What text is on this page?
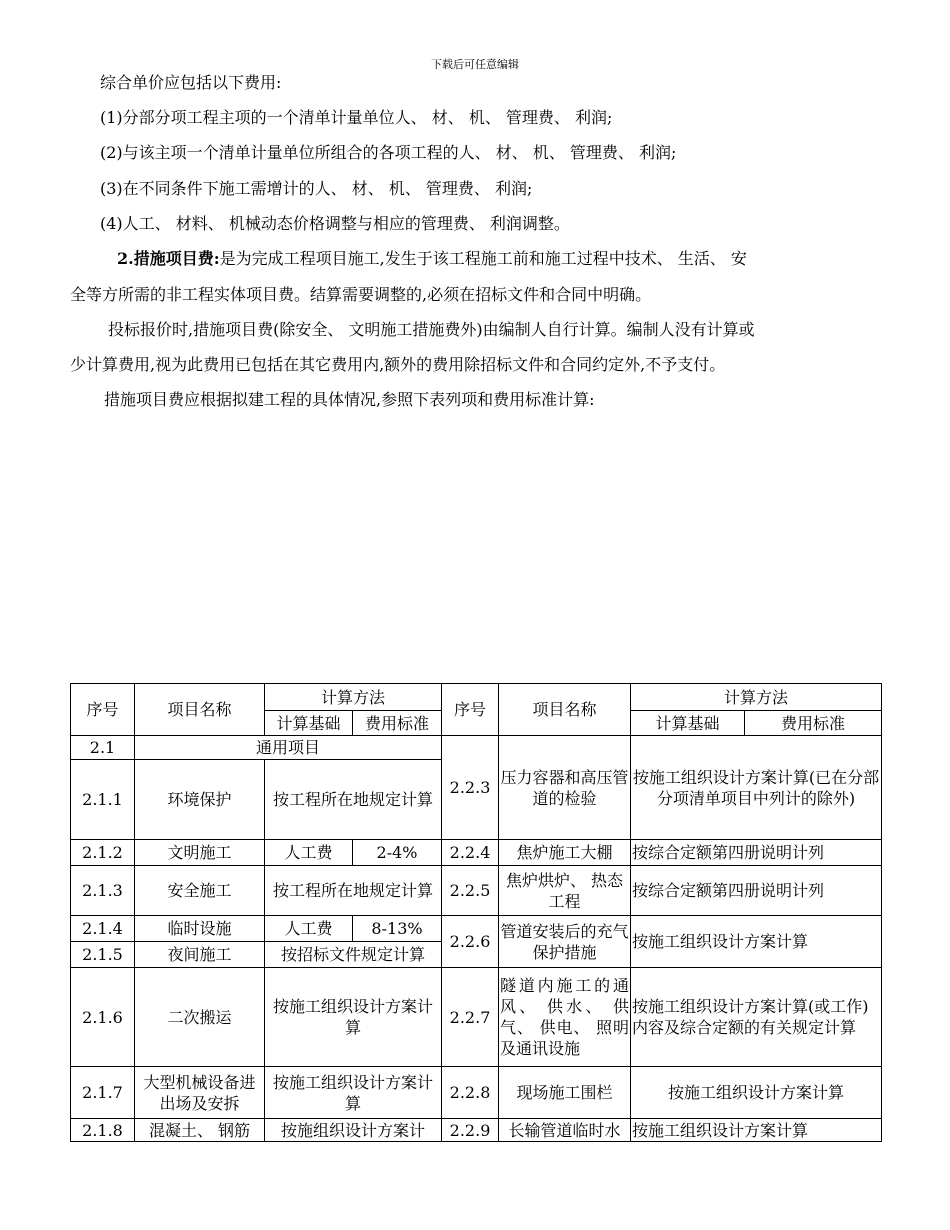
下载后可任意编辑
综合单价应包括以下费用:
(1)分部分项工程主项的一个清单计量单位人、 材、 机、 管理费、 利润;
(2)与该主项一个清单计量单位所组合的各项工程的人、 材、 机、 管理费、 利润;
(3)在不同条件下施工需增计的人、 材、 机、 管理费、 利润;
(4)人工、 材料、 机械动态价格调整与相应的管理费、 利润调整。
2.措施项目费:是为完成工程项目施工,发生于该工程施工前和施工过程中技术、 生活、 安
全等方所需的非工程实体项目费。结算需要调整的,必须在招标文件和合同中明确。
投标报价时,措施项目费(除安全、 文明施工措施费外)由编制人自行计算。编制人没有计算或
少计算费用,视为此费用已包括在其它费用内,额外的费用除招标文件和合同约定外,不予支付。
措施项目费应根据拟建工程的具体情况,参照下表列项和费用标准计算:
序号	项目名称	计算方法		序号	项目名称	计算方法	
		计算基础	费用标准			计算基础	费用标准
2.1	通用项目			2.2.3	压力容器和高压管道的检验	按施工组织设计方案计算(已在分部分项清单项目中列计的除外)	
2.1.1	环境保护	按工程所在地规定计算					
2.1.2	文明施工	人工费	2-4%	2.2.4	焦炉施工大棚	按综合定额第四册说明计列	
2.1.3	安全施工	按工程所在地规定计算		2.2.5	焦炉烘炉、 热态工程	按综合定额第四册说明计列	
2.1.4	临时设施	人工费	8-13%	2.2.6	管道安装后的充气保护措施	按施工组织设计方案计算	
2.1.5	夜间施工	按招标文件规定计算					
2.1.6	二次搬运	按施工组织设计方案计算		2.2.7	隧道内施工的通风、 供水、 供气、 供电、 照明及通讯设施	按施工组织设计方案计算(或工作)内容及综合定额的有关规定计算	
2.1.7	大型机械设备进出场及安拆	按施工组织设计方案计算		2.2.8	现场施工围栏	按施工组织设计方案计算	
2.1.8	混凝土、 钢筋	按施组织设计方案计		2.2.9	长输管道临时水	按施工组织设计方案计算	
